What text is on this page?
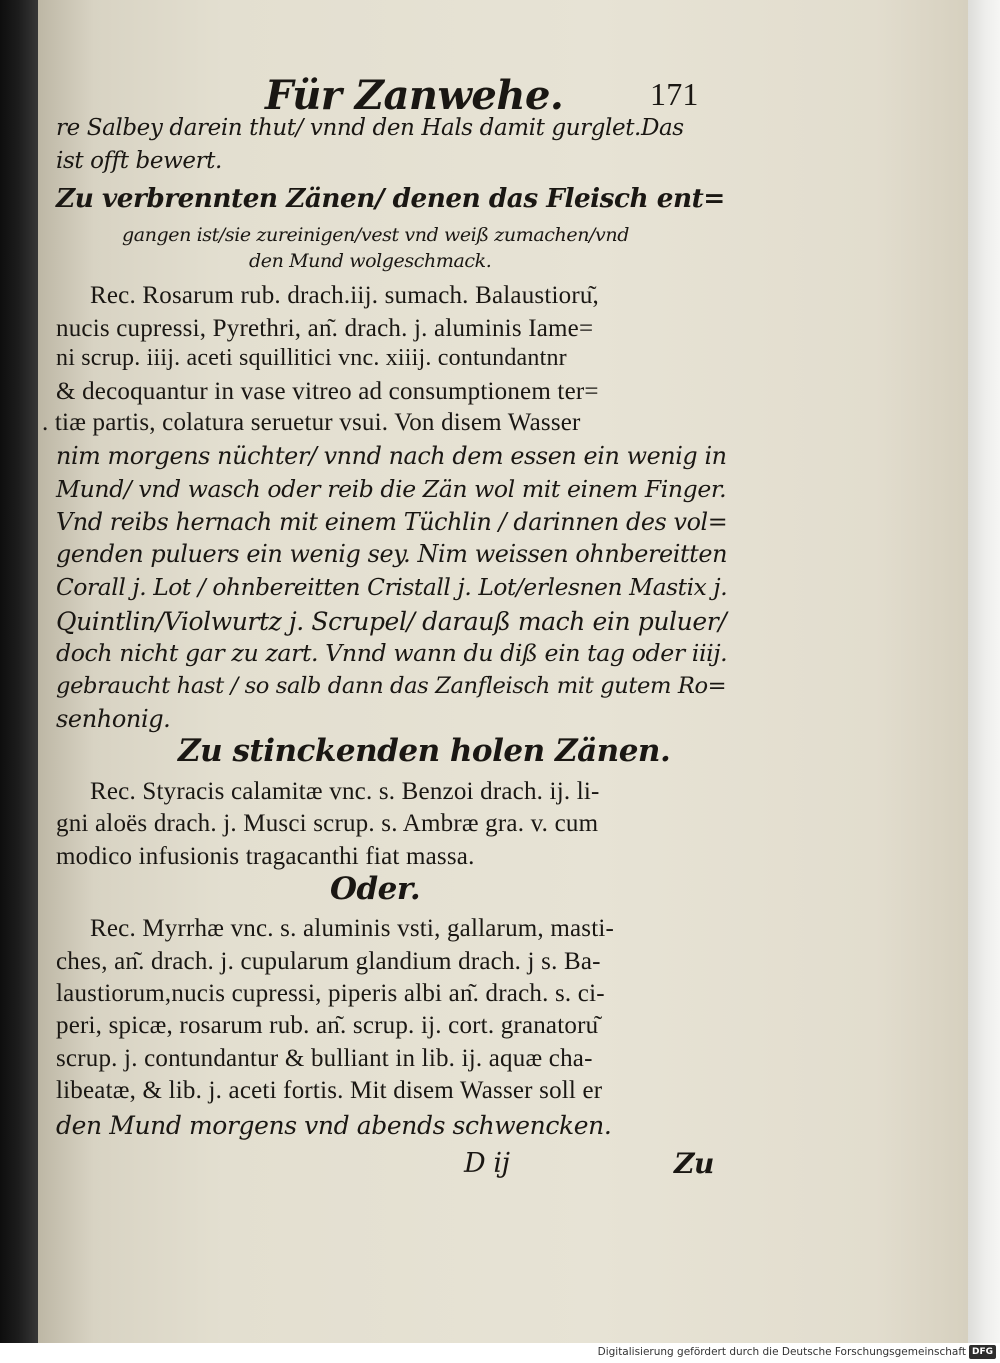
Für Zanwehe.	171
re Salbey darein thut/ vnnd den Hals damit gurglet.Das
ist offt bewert.
Zu verbrennten Zänen/ denen das Fleisch ent=
gangen ist/sie zureinigen/vest vnd weiß zumachen/vnd
den Mund wolgeschmack.
Rec. Rosarum rub. drach.iij. sumach. Balaustioru͂,
nucis cupressi, Pyrethri, an͂. drach. j. aluminis Iame=
ni scrup. iiij. aceti squillitici vnc. xiiij. contundantnr
& decoquantur in vase vitreo ad consumptionem ter=
. tiæ partis, colatura seruetur vsui. Von disem Wasser
nim morgens nüchter/ vnnd nach dem essen ein wenig in
Mund/ vnd wasch oder reib die Zän wol mit einem Finger.
Vnd reibs hernach mit einem Tüchlin / darinnen des vol=
genden puluers ein wenig sey. Nim weissen ohnbereitten
Corall j. Lot / ohnbereitten Cristall j. Lot/erlesnen Mastix j.
Quintlin/Violwurtz j. Scrupel/ darauß mach ein puluer/
doch nicht gar zu zart. Vnnd wann du diß ein tag oder iiij.
gebraucht hast / so salb dann das Zanfleisch mit gutem Ro=
senhonig.
Zu stinckenden holen Zänen.
Rec. Styracis calamitæ vnc. s. Benzoi drach. ij. li-
gni aloës drach. j. Musci scrup. s. Ambræ gra. v. cum
modico infusionis tragacanthi fiat massa.
Oder.
Rec. Myrrhæ vnc. s. aluminis vsti, gallarum, masti-
ches, an͂. drach. j. cupularum glandium drach. j s. Ba-
laustiorum,nucis cupressi, piperis albi an͂. drach. s. ci-
peri, spicæ, rosarum rub. an͂. scrup. ij. cort. granatoru͂
scrup. j. contundantur & bulliant in lib. ij. aquæ cha-
libeatæ, & lib. j. aceti fortis. Mit disem Wasser soll er
den Mund morgens vnd abends schwencken.
D ij	Zu
Digitalisierung gefördert durch die Deutsche Forschungsgemeinschaft DFG
